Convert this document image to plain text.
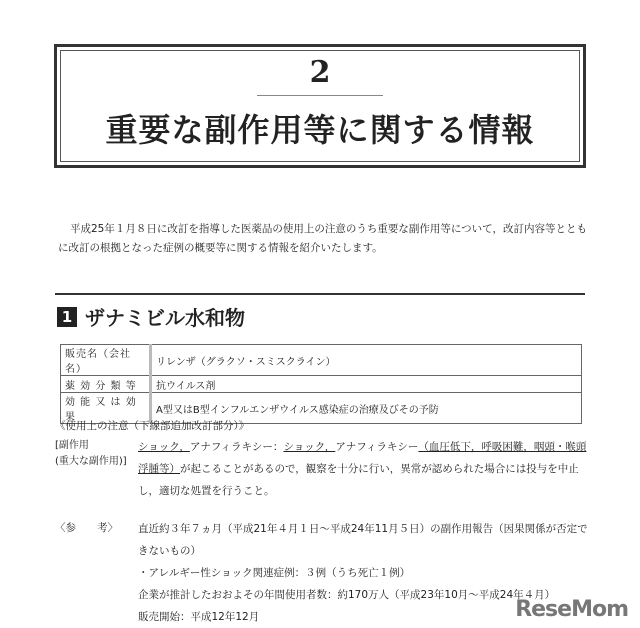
2
重要な副作用等に関する情報
平成25年１月８日に改訂を指導した医薬品の使用上の注意のうち重要な副作用等について，改訂内容等とともに改訂の根拠となった症例の概要等に関する情報を紹介いたします。
1 ザナミビル水和物
販売名（会社名）	リレンザ（グラクソ・スミスクライン）
薬 効 分 類 等	抗ウイルス剤
効 能 又 は 効 果	A型又はB型インフルエンザウイルス感染症の治療及びその予防
《使用上の注意（下線部追加改訂部分）》
[副作用
(重大な副作用)]
ショック，アナフィラキシー：ショック，アナフィラキシー（血圧低下，呼吸困難，咽頭・喉頭浮腫等）が起こることがあるので，観察を十分に行い，異常が認められた場合には投与を中止し，適切な処置を行うこと。
〈参　　考〉 直近約３年７ヵ月（平成21年４月１日～平成24年11月５日）の副作用報告（因果関係が否定できないもの）
・アレルギー性ショック関連症例：３例（うち死亡１例）
企業が推計したおおよその年間使用者数：約170万人（平成23年10月～平成24年４月）
販売開始：平成12年12月	ReseMom
